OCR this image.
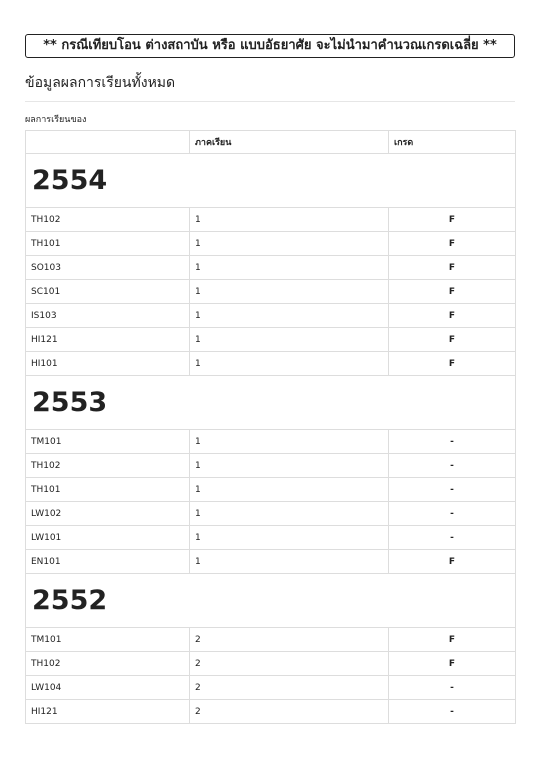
** กรณีเทียบโอน ต่างสถาบัน หรือ แบบอัธยาศัย จะไม่นำมาคำนวณเกรดเฉลี่ย **
ข้อมูลผลการเรียนทั้งหมด
ผลการเรียนของ
	ภาคเรียน	เกรด
2554		
TH102	1	F
TH101	1	F
SO103	1	F
SC101	1	F
IS103	1	F
HI121	1	F
HI101	1	F
2553		
TM101	1	-
TH102	1	-
TH101	1	-
LW102	1	-
LW101	1	-
EN101	1	F
2552		
TM101	2	F
TH102	2	F
LW104	2	-
HI121	2	-
